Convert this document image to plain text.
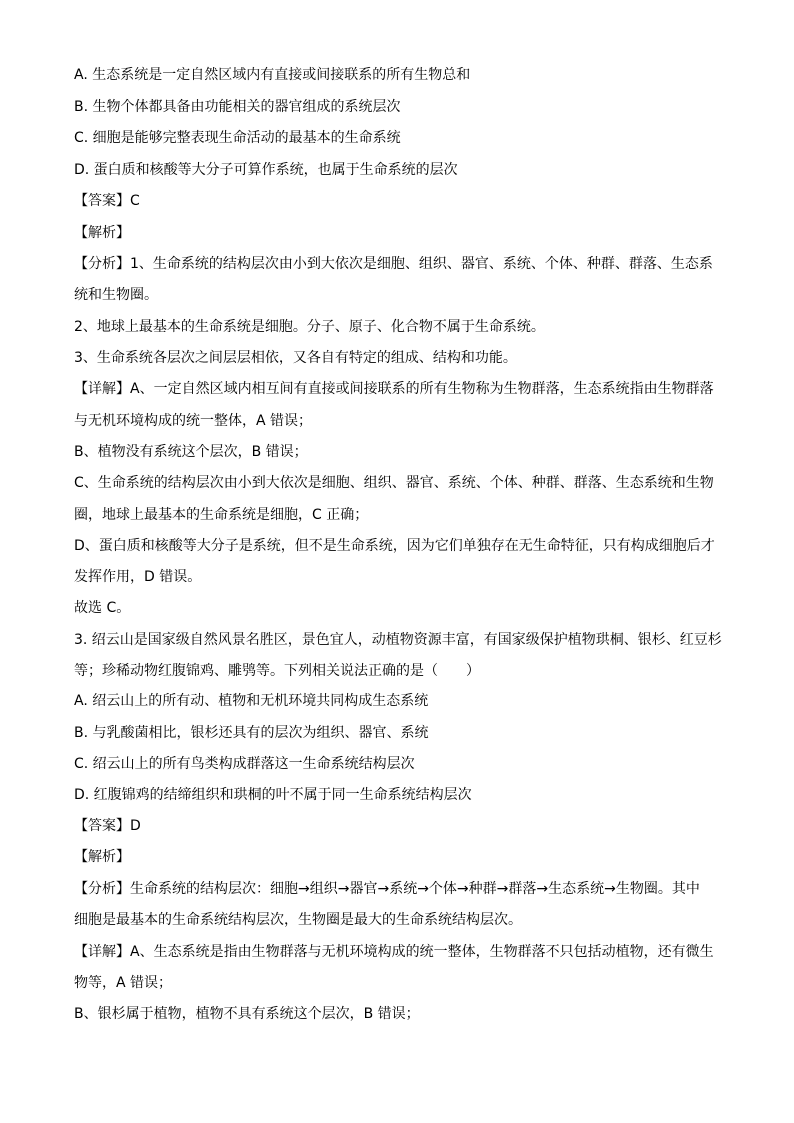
A. 生态系统是一定自然区域内有直接或间接联系的所有生物总和
B. 生物个体都具备由功能相关的器官组成的系统层次
C. 细胞是能够完整表现生命活动的最基本的生命系统
D. 蛋白质和核酸等大分子可算作系统，也属于生命系统的层次
【答案】C
【解析】
【分析】1、生命系统的结构层次由小到大依次是细胞、组织、器官、系统、个体、种群、群落、生态系
统和生物圈。
2、地球上最基本的生命系统是细胞。分子、原子、化合物不属于生命系统。
3、生命系统各层次之间层层相依，又各自有特定的组成、结构和功能。
【详解】A、一定自然区域内相互间有直接或间接联系的所有生物称为生物群落，生态系统指由生物群落
与无机环境构成的统一整体，A 错误；
B、植物没有系统这个层次，B 错误；
C、生命系统的结构层次由小到大依次是细胞、组织、器官、系统、个体、种群、群落、生态系统和生物
圈，地球上最基本的生命系统是细胞，C 正确；
D、蛋白质和核酸等大分子是系统，但不是生命系统，因为它们单独存在无生命特征，只有构成细胞后才
发挥作用，D 错误。
故选 C。
3. 绍云山是国家级自然风景名胜区，景色宜人，动植物资源丰富，有国家级保护植物珙桐、银杉、红豆杉
等；珍稀动物红腹锦鸡、雕鸮等。下列相关说法正确的是（　　）
A. 绍云山上的所有动、植物和无机环境共同构成生态系统
B. 与乳酸菌相比，银杉还具有的层次为组织、器官、系统
C. 绍云山上的所有鸟类构成群落这一生命系统结构层次
D. 红腹锦鸡的结缔组织和珙桐的叶不属于同一生命系统结构层次
【答案】D
【解析】
【分析】生命系统的结构层次：细胞→组织→器官→系统→个体→种群→群落→生态系统→生物圈。其中
细胞是最基本的生命系统结构层次，生物圈是最大的生命系统结构层次。
【详解】A、生态系统是指由生物群落与无机环境构成的统一整体，生物群落不只包括动植物，还有微生
物等，A 错误；
B、银杉属于植物，植物不具有系统这个层次，B 错误；
